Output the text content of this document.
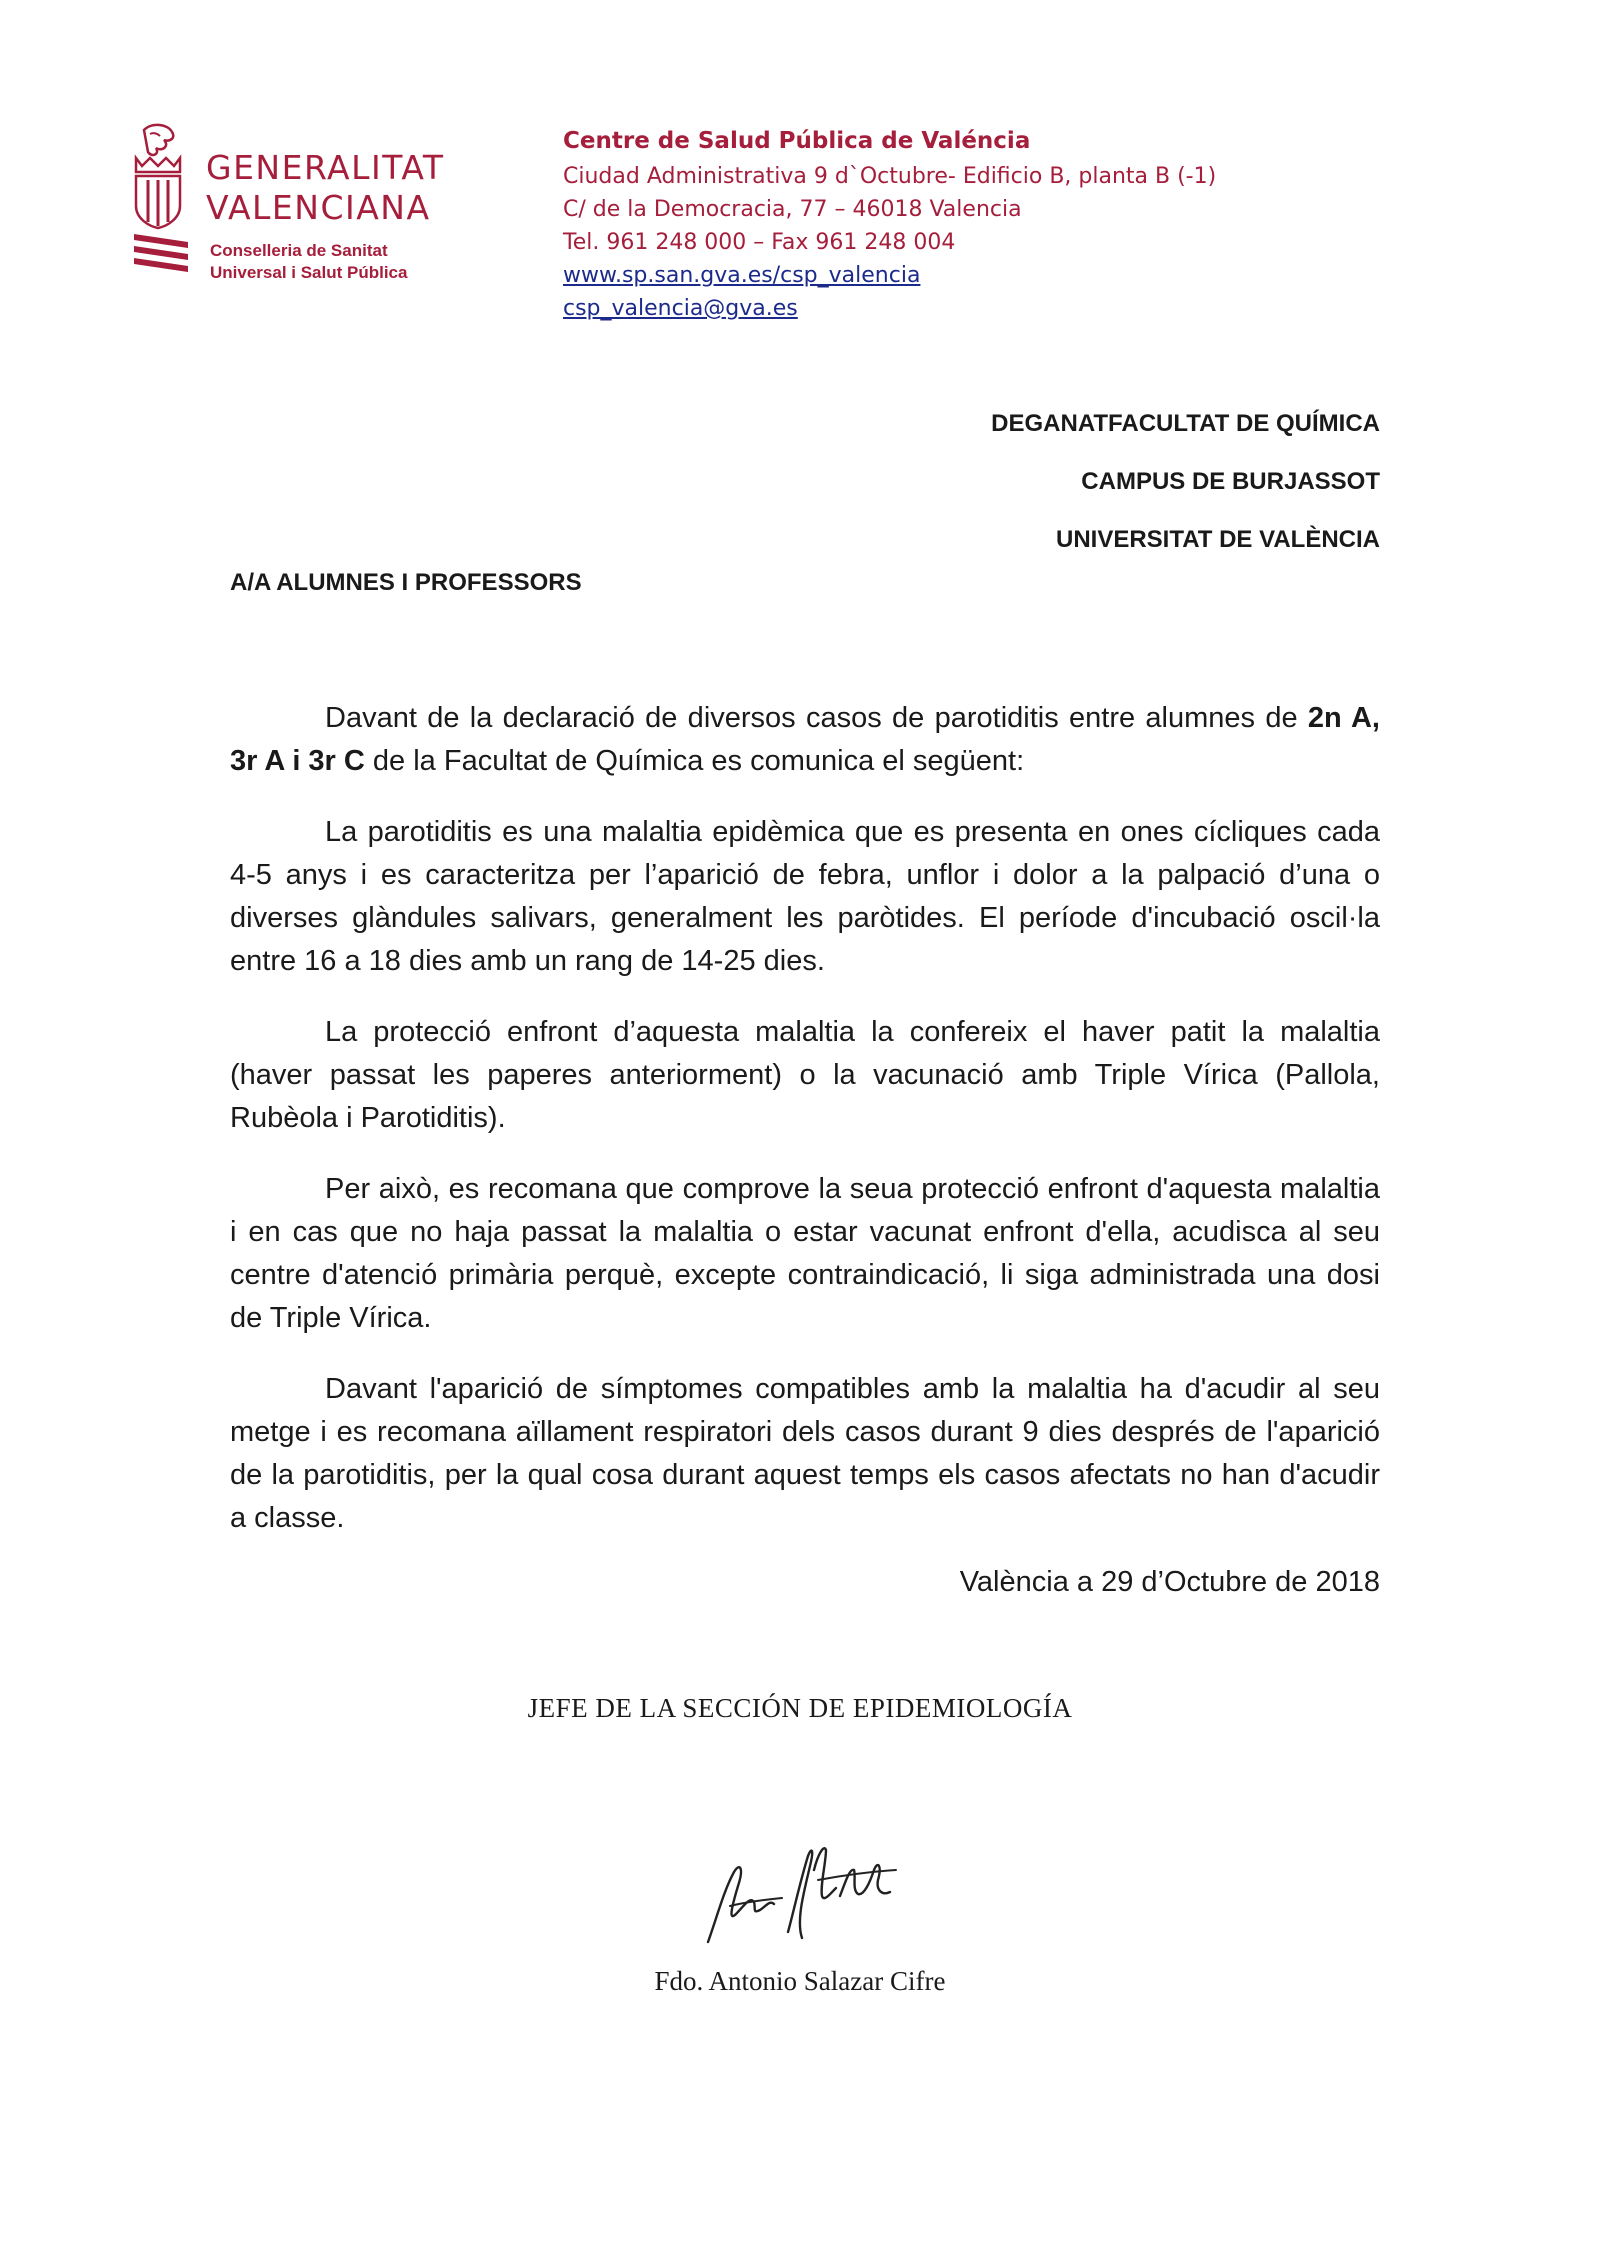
GENERALITAT
VALENCIANA
Conselleria de Sanitat
Universal i Salut Pública
Centre de Salud Pública de Valéncia
Ciudad Administrativa 9 d`Octubre- Edificio B, planta B (-1)
C/ de la Democracia, 77 – 46018 Valencia
Tel. 961 248 000 – Fax 961 248 004
www.sp.san.gva.es/csp_valencia
csp_valencia@gva.es
DEGANATFACULTAT DE QUÍMICA
CAMPUS DE BURJASSOT
UNIVERSITAT DE VALÈNCIA
A/A ALUMNES I PROFESSORS

Davant de la declaració de diversos casos de parotiditis entre alumnes de 2n A, 3r A i 3r C de la Facultat de Química es comunica el següent:

La parotiditis es una malaltia epidèmica que es presenta en ones cícliques cada 4-5 anys i es caracteritza per l’aparició de febra, unflor i dolor a la palpació d’una o diverses glàndules salivars, generalment les paròtides. El període d'incubació oscil·la entre 16 a 18 dies amb un rang de 14-25 dies.

La protecció enfront d’aquesta malaltia la confereix el haver patit la malaltia (haver passat les paperes anteriorment) o la vacunació amb Triple Vírica (Pallola, Rubèola i Parotiditis).

Per això, es recomana que comprove la seua protecció enfront d'aquesta malaltia i en cas que no haja passat la malaltia o estar vacunat enfront d'ella, acudisca al seu centre d'atenció primària perquè, excepte contraindicació, li siga administrada una dosi de Triple Vírica.

Davant l'aparició de símptomes compatibles amb la malaltia ha d'acudir al seu metge i es recomana aïllament respiratori dels casos durant 9 dies després de l'aparició de la parotiditis, per la qual cosa durant aquest temps els casos afectats no han d'acudir a classe.

València a 29 d’Octubre de 2018
JEFE DE LA SECCIÓN DE EPIDEMIOLOGÍA
Fdo. Antonio Salazar Cifre
